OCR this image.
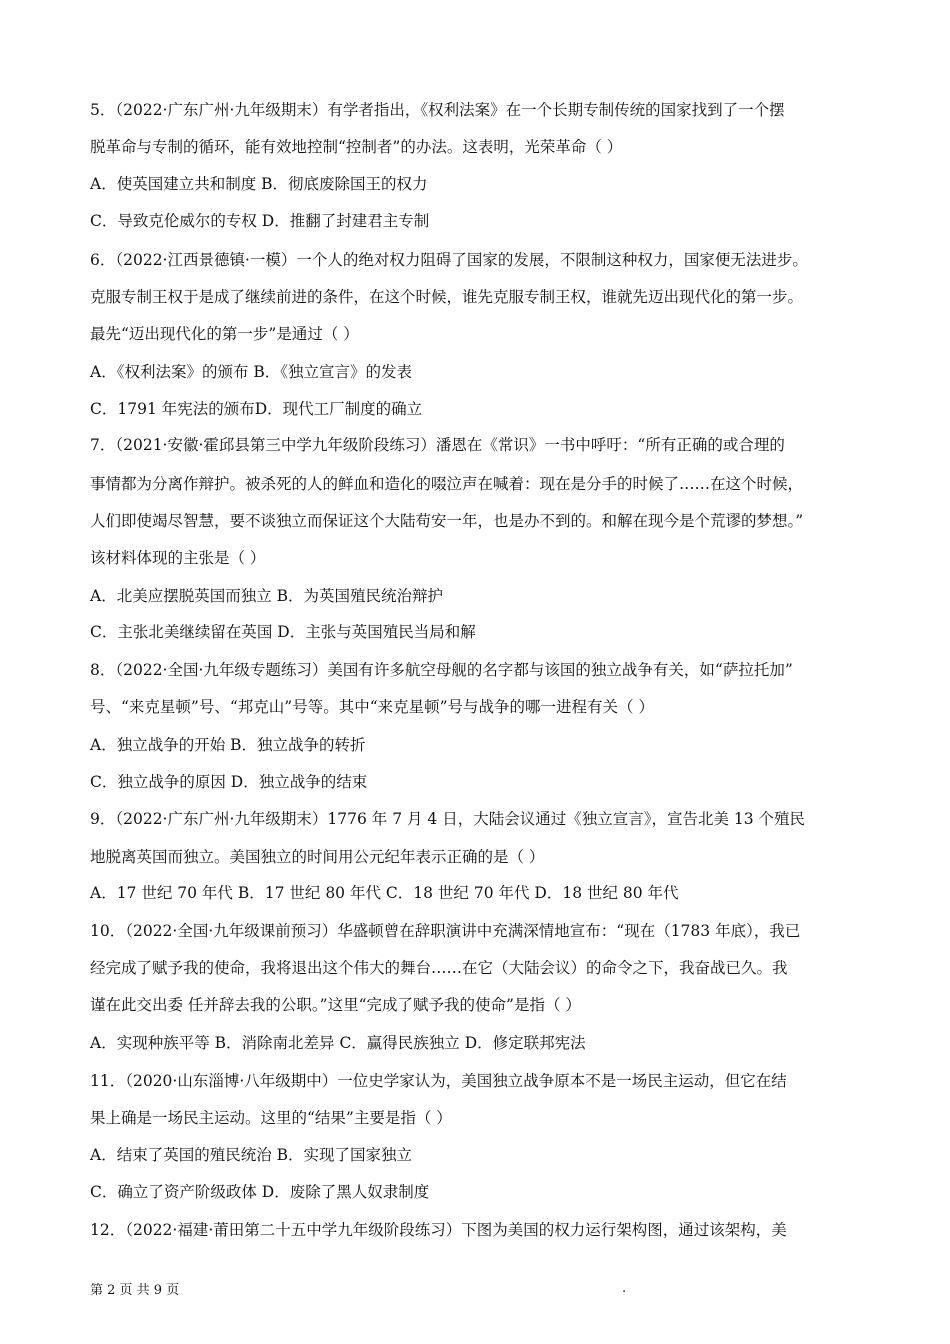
5．（2022·广东广州·九年级期末）有学者指出，《权利法案》在一个长期专制传统的国家找到了一个摆
脱革命与专制的循环，能有效地控制“控制者”的办法。这表明，光荣革命（ ）
A．使英国建立共和制度 B．彻底废除国王的权力
C．导致克伦威尔的专权 D．推翻了封建君主专制
6．（2022·江西景德镇·一模）一个人的绝对权力阻碍了国家的发展，不限制这种权力，国家便无法进步。
克服专制王权于是成了继续前进的条件，在这个时候，谁先克服专制王权，谁就先迈出现代化的第一步。
最先“迈出现代化的第一步”是通过（ ）
A．《权利法案》的颁布 B．《独立宣言》的发表
C．1791 年宪法的颁布D．现代工厂制度的确立
7．（2021·安徽·霍邱县第三中学九年级阶段练习）潘恩在《常识》一书中呼吁：“所有正确的或合理的
事情都为分离作辩护。被杀死的人的鲜血和造化的啜泣声在喊着：现在是分手的时候了……在这个时候，
人们即使竭尽智慧，要不谈独立而保证这个大陆苟安一年，也是办不到的。和解在现今是个荒谬的梦想。”
该材料体现的主张是（ ）
A．北美应摆脱英国而独立 B．为英国殖民统治辩护
C．主张北美继续留在英国 D．主张与英国殖民当局和解
8．（2022·全国·九年级专题练习）美国有许多航空母舰的名字都与该国的独立战争有关，如“萨拉托加”
号、“来克星顿”号、“邦克山”号等。其中“来克星顿”号与战争的哪一进程有关（ ）
A．独立战争的开始 B．独立战争的转折
C．独立战争的原因 D．独立战争的结束
9．（2022·广东广州·九年级期末）1776 年 7 月 4 日，大陆会议通过《独立宣言》，宣告北美 13 个殖民
地脱离英国而独立。美国独立的时间用公元纪年表示正确的是（ ）
A．17 世纪 70 年代 B．17 世纪 80 年代 C．18 世纪 70 年代 D．18 世纪 80 年代
10．（2022·全国·九年级课前预习）华盛顿曾在辞职演讲中充满深情地宣布：“现在（1783 年底），我已
经完成了赋予我的使命，我将退出这个伟大的舞台……在它（大陆会议）的命令之下，我奋战已久。我
谨在此交出委 任并辞去我的公职。”这里“完成了赋予我的使命”是指（ ）
A．实现种族平等 B．消除南北差异 C．赢得民族独立 D．修定联邦宪法
11．（2020·山东淄博·八年级期中）一位史学家认为，美国独立战争原本不是一场民主运动，但它在结
果上确是一场民主运动。这里的“结果”主要是指（ ）
A．结束了英国的殖民统治 B．实现了国家独立
C．确立了资产阶级政体 D．废除了黑人奴隶制度
12．（2022·福建·莆田第二十五中学九年级阶段练习）下图为美国的权力运行架构图，通过该架构，美
第 2 页 共 9 页	.
